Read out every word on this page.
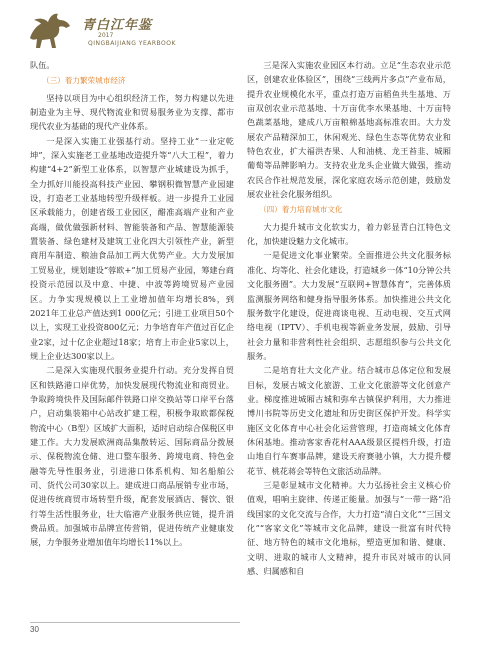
青白江年鉴
2017
QINGBAIJIANG YEARBOOK

队伍。

（三）着力繁荣城市经济

坚持以项目为中心组织经济工作，努力构建以先进制造业为主导、现代物流业和贸易服务业为支撑、都市现代农业为基础的现代产业体系。

一是深入实施工业强基行动。坚持工业“一业定乾坤”，深入实施老工业基地改造提升等“八大工程”，着力构建“4+2”新型工业体系，以智慧产业城建设为抓手，全力抓好川能投高科技产业园、攀钢积微智慧产业园建设，打造老工业基地转型升级样板。进一步提升工业园区承载能力，创建省级工业园区，醋准高端产业和产业高端，做优做强新材料、智能装备和产品、智慧能源装置装备、绿色建材及建筑工业化四大引领性产业，新型商用车制造、粮油食品加工两大优势产业。大力发展加工贸易业，规划建设“蓉欧+”加工贸易产业园，筹建台商投资示范园以及中意、中捷、中波等跨境贸易产业园区。力争实现规模以上工业增加值年均增长8%，到2021年工业总产值达到1 000亿元；引进工业项目50个以上，实现工业投资800亿元；力争培育年产值过百亿企业2家，过十亿企业超过18家；培育上市企业5家以上，规上企业达300家以上。

二是深入实施现代服务业提升行动。充分发挥自贸区和铁路港口岸优势，加快发展现代物流业和商贸业。争取跨境快件及国际邮件铁路口岸交换站等口岸平台落户，启动集装箱中心站改扩建工程，积极争取欧都保税物流中心（B型）区域扩大面积，适时启动综合保税区申建工作。大力发展欧洲商品集散转运、国际商品分拨展示、保税物流仓储、进口整车服务、跨境电商、特色金融等先导性服务业，引进港口体系机构、知名船舶公司、货代公司30家以上。建成进口商品展销专业市场，促进传统商贸市场转型升级，配套发展酒店、餐饮、银行等生活性服务业，壮大临港产业服务供应链，提升消费品质。加强城市品牌宣传营销，促进传统产业健康发展，力争服务业增加值年均增长11%以上。

三是深入实施农业园区本行动。立足“生态农业示范区，创建农业体验区”，围绕“三线两片多点”产业布局，提升农业规模化水平，重点打造万亩稻鱼共生基地、万亩双创农业示范基地、十万亩优李水果基地、十万亩特色蔬菜基地，建成八万亩粮棉基地高标准农田。大力发展农产品精深加工，休闲观光、绿色生态等优势农业和特色农业，扩大福洪杏果、人和油桃、龙王苔韭、城厢葡萄等品牌影响力。支持农业龙头企业做大做强，推动农民合作社规范发展，深化家庭农场示范创建，鼓励发展农业社会化服务组织。

（四）着力培育城市文化

大力提升城市文化软实力，着力彰显青白江特色文化，加快建设魅力文化城市。

一是促进文化事业繁荣。全面推进公共文化服务标准化、均等化、社会化建设，打造城乡一体“10分钟公共文化服务圈”。大力发展“互联网+智慧体育”，完善体质监测服务网络和健身指导服务体系。加快推进公共文化服务数字化建设，促进商谈电视、互动电视、交互式网络电视（IPTV）、手机电视等新业务发展，鼓励、引导社会力量和非营利性社会组织、志愿组织参与公共文化服务。

二是培育壮大文化产业。结合城市总体定位和发展目标，发展古城文化旅游、工业文化旅游等文化创意产业。梯度推进城厢古城和弥牟古镇保护利用，大力推进博川书院等历史文化遗址和历史街区保护开发。科学实施区文化体育中心社会化运营管理，打造商城文化体育休闲基地。推动客家香花村AAA级景区提档升级，打造山地自行车赛事品牌，建设天府赛驰小镇，大力提升樱花节、桃花蒋会等特色文旅活动品牌。

三是彰显城市文化精神。大力弘扬社会主义核心价值观，唱响主旋律、传递正能量。加强与“一带一路”沿线国家的文化交流与合作，大力打造“清白文化”“三国文化”“客家文化”等城市文化品牌，建设一批富有时代特征、地方特色的城市文化地标，塑造更加和谐、健康、文明、进取的城市人文精神，提升市民对城市的认同感、归属感和自

30
